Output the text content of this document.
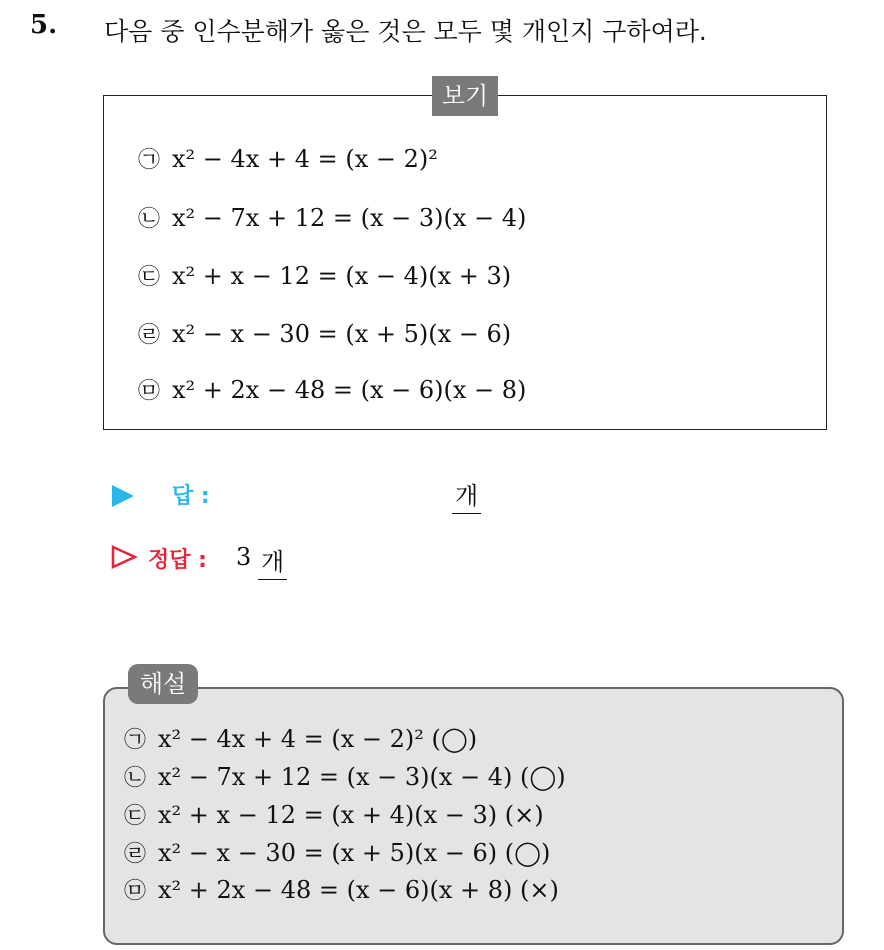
5. 다음 중 인수분해가 옳은 것은 모두 몇 개인지 구하여라.
보기
㉠ x² − 4x + 4 = (x − 2)²
㉡ x² − 7x + 12 = (x − 3)(x − 4)
㉢ x² + x − 12 = (x − 4)(x + 3)
㉣ x² − x − 30 = (x + 5)(x − 6)
㉤ x² + 2x − 48 = (x − 6)(x − 8)
답 :	개
정답 : 3 개
해설
㉠ x² − 4x + 4 = (x − 2)² (◯)
㉡ x² − 7x + 12 = (x − 3)(x − 4) (◯)
㉢ x² + x − 12 = (x + 4)(x − 3) (×)
㉣ x² − x − 30 = (x + 5)(x − 6) (◯)
㉤ x² + 2x − 48 = (x − 6)(x + 8) (×)
